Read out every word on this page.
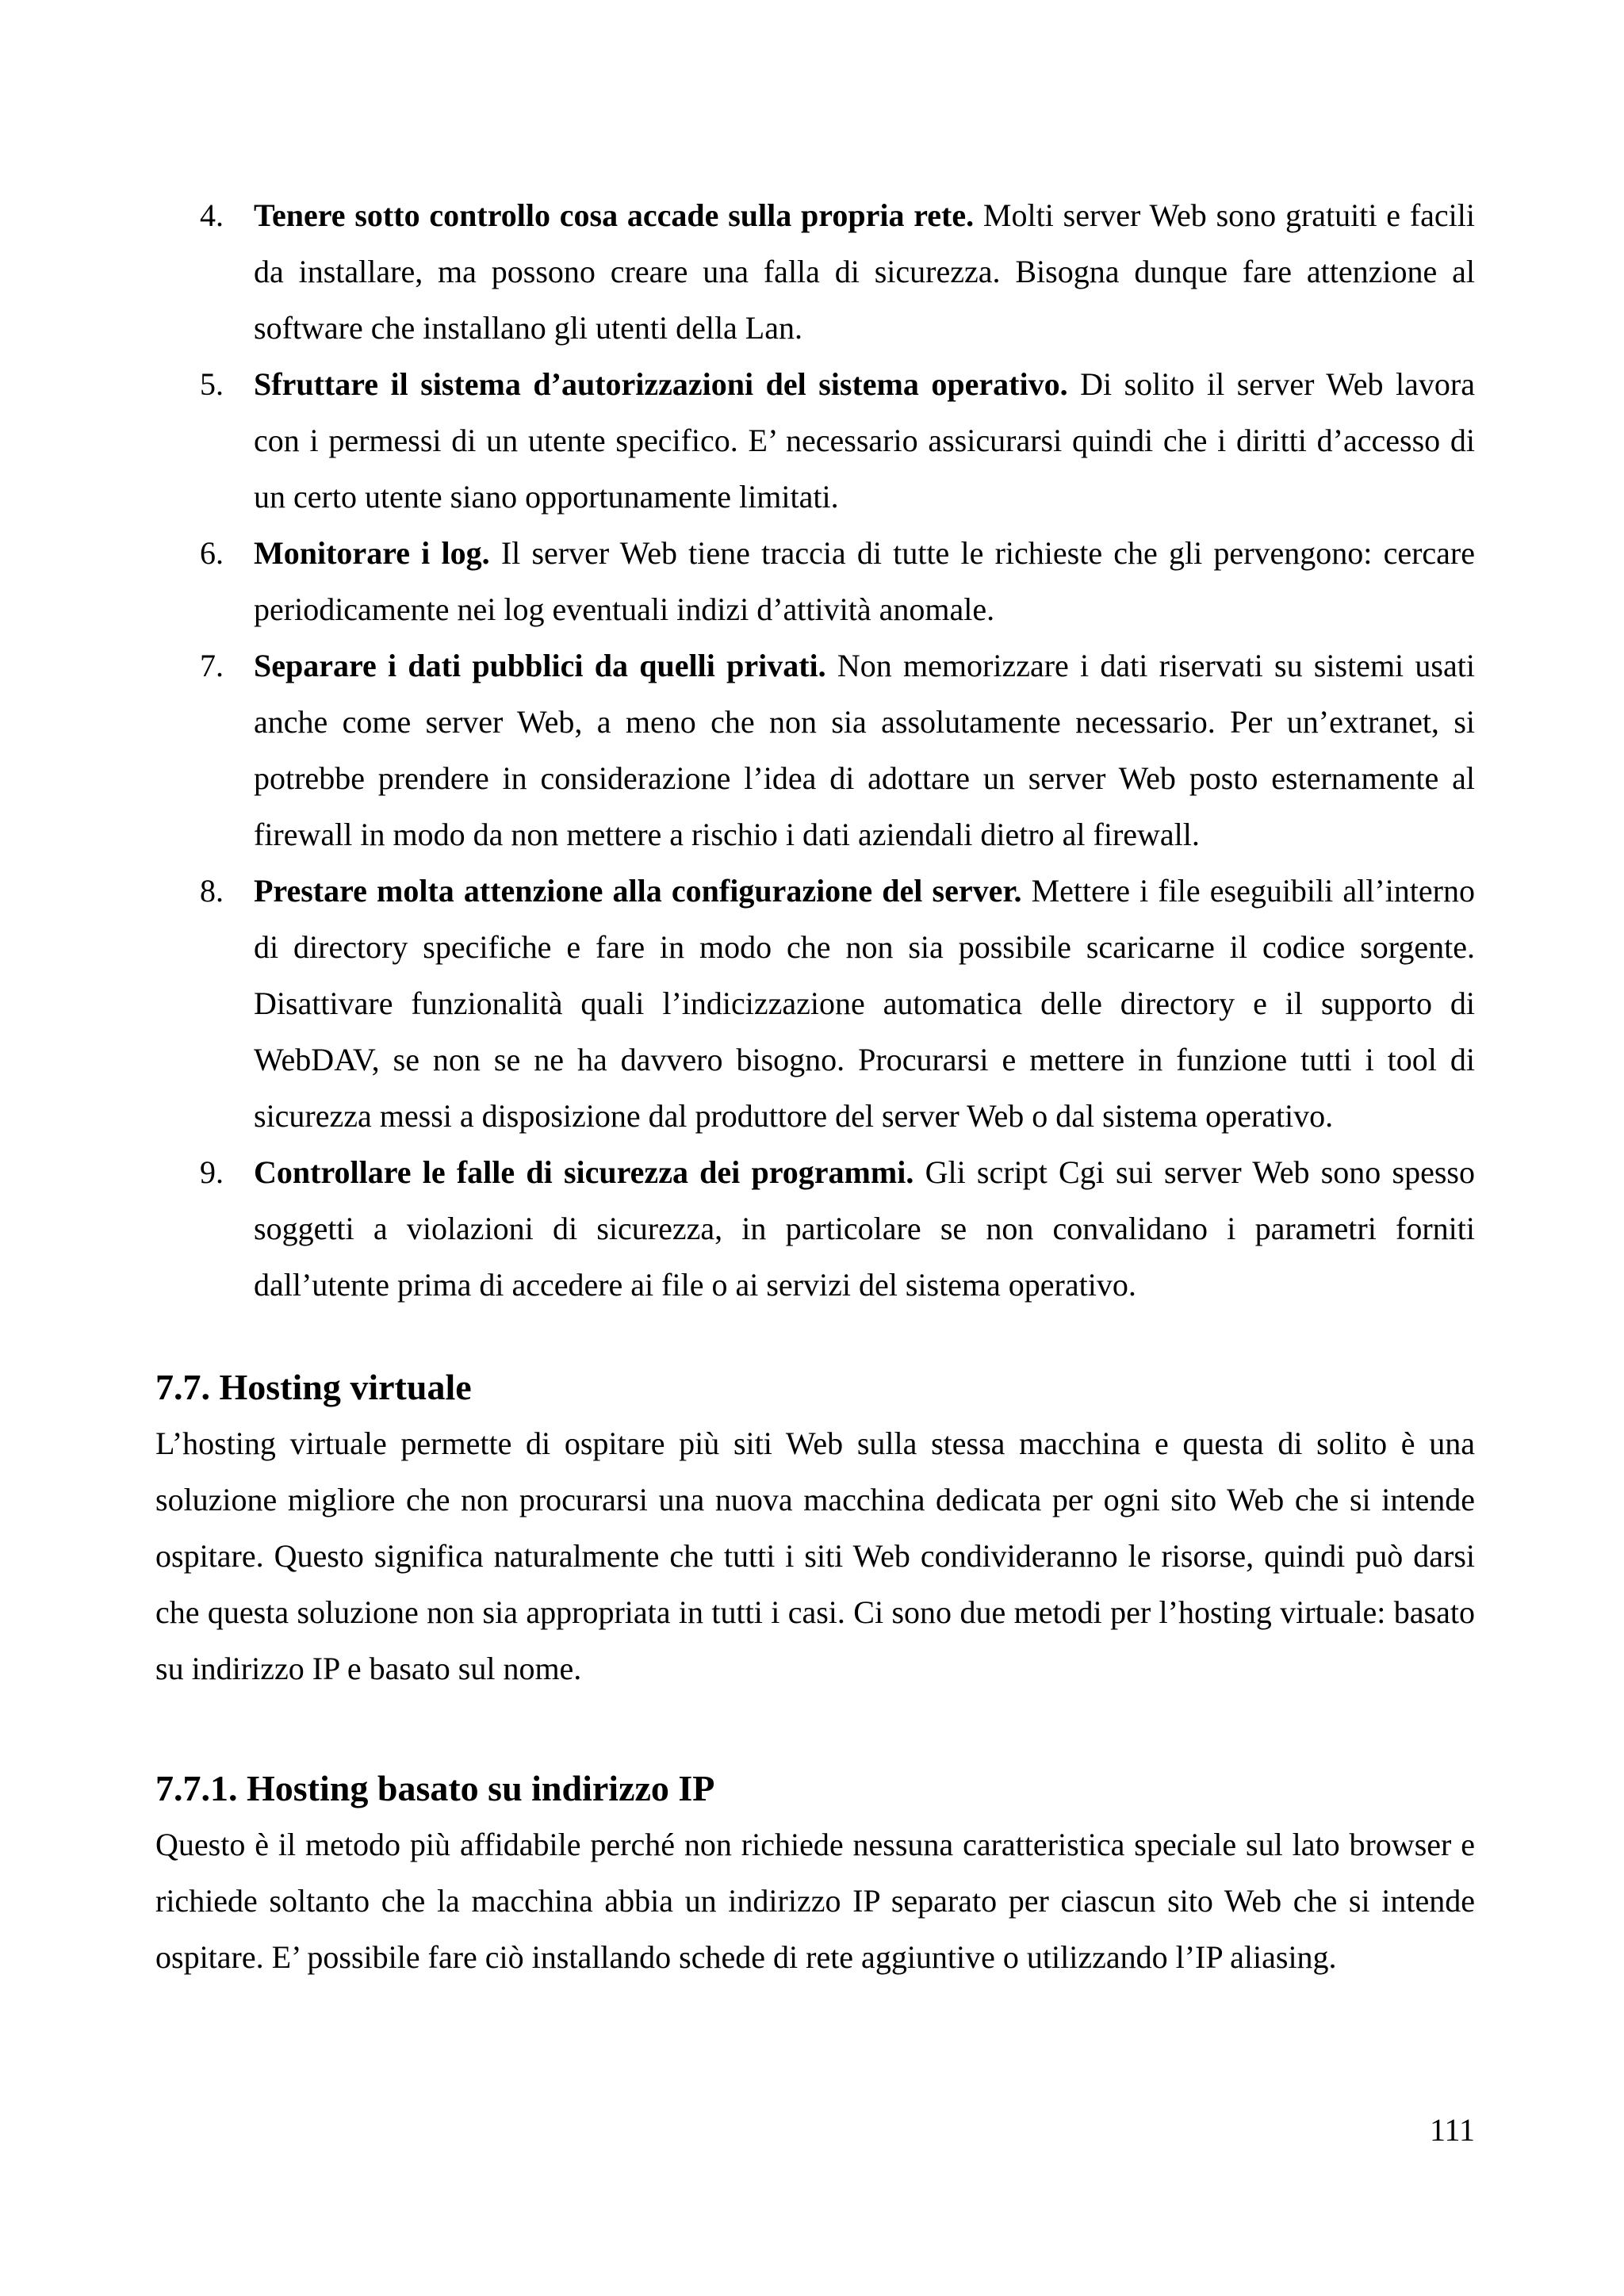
4. Tenere sotto controllo cosa accade sulla propria rete. Molti server Web sono gratuiti e facili da installare, ma possono creare una falla di sicurezza. Bisogna dunque fare attenzione al software che installano gli utenti della Lan.
5. Sfruttare il sistema d’autorizzazioni del sistema operativo. Di solito il server Web lavora con i permessi di un utente specifico. E’ necessario assicurarsi quindi che i diritti d’accesso di un certo utente siano opportunamente limitati.
6. Monitorare i log. Il server Web tiene traccia di tutte le richieste che gli pervengono: cercare periodicamente nei log eventuali indizi d’attività anomale.
7. Separare i dati pubblici da quelli privati. Non memorizzare i dati riservati su sistemi usati anche come server Web, a meno che non sia assolutamente necessario. Per un’extranet, si potrebbe prendere in considerazione l’idea di adottare un server Web posto esternamente al firewall in modo da non mettere a rischio i dati aziendali dietro al firewall.
8. Prestare molta attenzione alla configurazione del server. Mettere i file eseguibili all’interno di directory specifiche e fare in modo che non sia possibile scaricarne il codice sorgente. Disattivare funzionalità quali l’indicizzazione automatica delle directory e il supporto di WebDAV, se non se ne ha davvero bisogno. Procurarsi e mettere in funzione tutti i tool di sicurezza messi a disposizione dal produttore del server Web o dal sistema operativo.
9. Controllare le falle di sicurezza dei programmi. Gli script Cgi sui server Web sono spesso soggetti a violazioni di sicurezza, in particolare se non convalidano i parametri forniti dall’utente prima di accedere ai file o ai servizi del sistema operativo.
7.7. Hosting virtuale

L’hosting virtuale permette di ospitare più siti Web sulla stessa macchina e questa di solito è una soluzione migliore che non procurarsi una nuova macchina dedicata per ogni sito Web che si intende ospitare. Questo significa naturalmente che tutti i siti Web condivideranno le risorse, quindi può darsi che questa soluzione non sia appropriata in tutti i casi. Ci sono due metodi per l’hosting virtuale: basato su indirizzo IP e basato sul nome.

7.7.1. Hosting basato su indirizzo IP

Questo è il metodo più affidabile perché non richiede nessuna caratteristica speciale sul lato browser e richiede soltanto che la macchina abbia un indirizzo IP separato per ciascun sito Web che si intende ospitare. E’ possibile fare ciò installando schede di rete aggiuntive o utilizzando l’IP aliasing.

111
